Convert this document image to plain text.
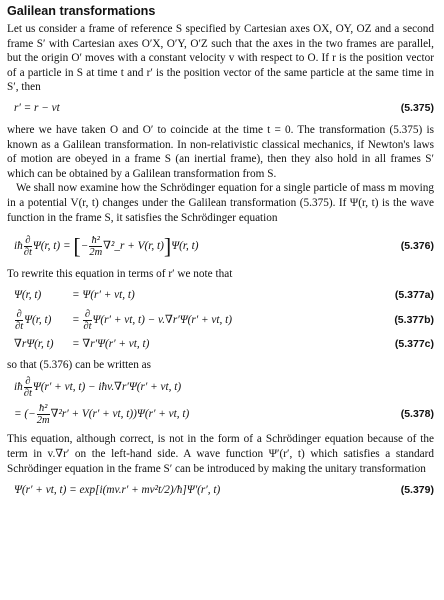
Galilean transformations

Let us consider a frame of reference S specified by Cartesian axes OX, OY, OZ and a second frame S′ with Cartesian axes O′X, O′Y, O′Z such that the axes in the two frames are parallel, but the origin O′ moves with a constant velocity v with respect to O. If r is the position vector of a particle in S at time t and r′ is the position vector of the same particle at the same time in S′, then

r′ = r − vt	(5.375)

where we have taken O and O′ to coincide at the time t = 0. The transformation (5.375) is known as a Galilean transformation. In non-relativistic classical mechanics, if Newton's laws of motion are obeyed in a frame S (an inertial frame), then they also hold in all frames S′ which can be obtained by a Galilean transformation from S.

We shall now examine how the Schrödinger equation for a single particle of mass m moving in a potential V(r, t) changes under the Galilean transformation (5.375). If Ψ(r, t) is the wave function in the frame S, it satisfies the Schrödinger equation

iħ $\frac{\partial}{\partial t} \Psi(r$, t) = [− $\frac{\text{ħ²}}{2m}$ ∇²_r + V(r, t)]Ψ(r, t)	(5.376)

To rewrite this equation in terms of r′ we note that

Ψ(r, t)	= Ψ(r′ + vt, t)	(5.377a)
$\frac{\partial}{\partial t} \Psi(r$, $t) = \frac{\partial}{\partial t} \Psi(r'$ + vt, t) − v.∇r′Ψ(r′ + vt, t)	(5.377b)
∇rΨ(r, t) = ∇r′Ψ(r′ + vt, t)	(5.377c)

so that (5.376) can be written as

iħ $\frac{\partial}{\partial t} \Psi(r'$ + vt, t) − iħv.∇r′Ψ(r′ + vt, t)
= (− $\frac{\text{ħ²}}{2m} \nabla^2r' + V(r'$ + vt, t))Ψ(r′ + vt, t)	(5.378)

This equation, although correct, is not in the form of a Schrödinger equation because of the term in v.∇r′ on the left-hand side. A wave function Ψ′(r′, t) which satisfies a standard Schrödinger equation in the frame S′ can be introduced by making the unitary transformation

Ψ(r′ + vt, t) = exp[i(mv.r′ + mv²t/2)/ħ]Ψ′(r′, t)	(5.379)
